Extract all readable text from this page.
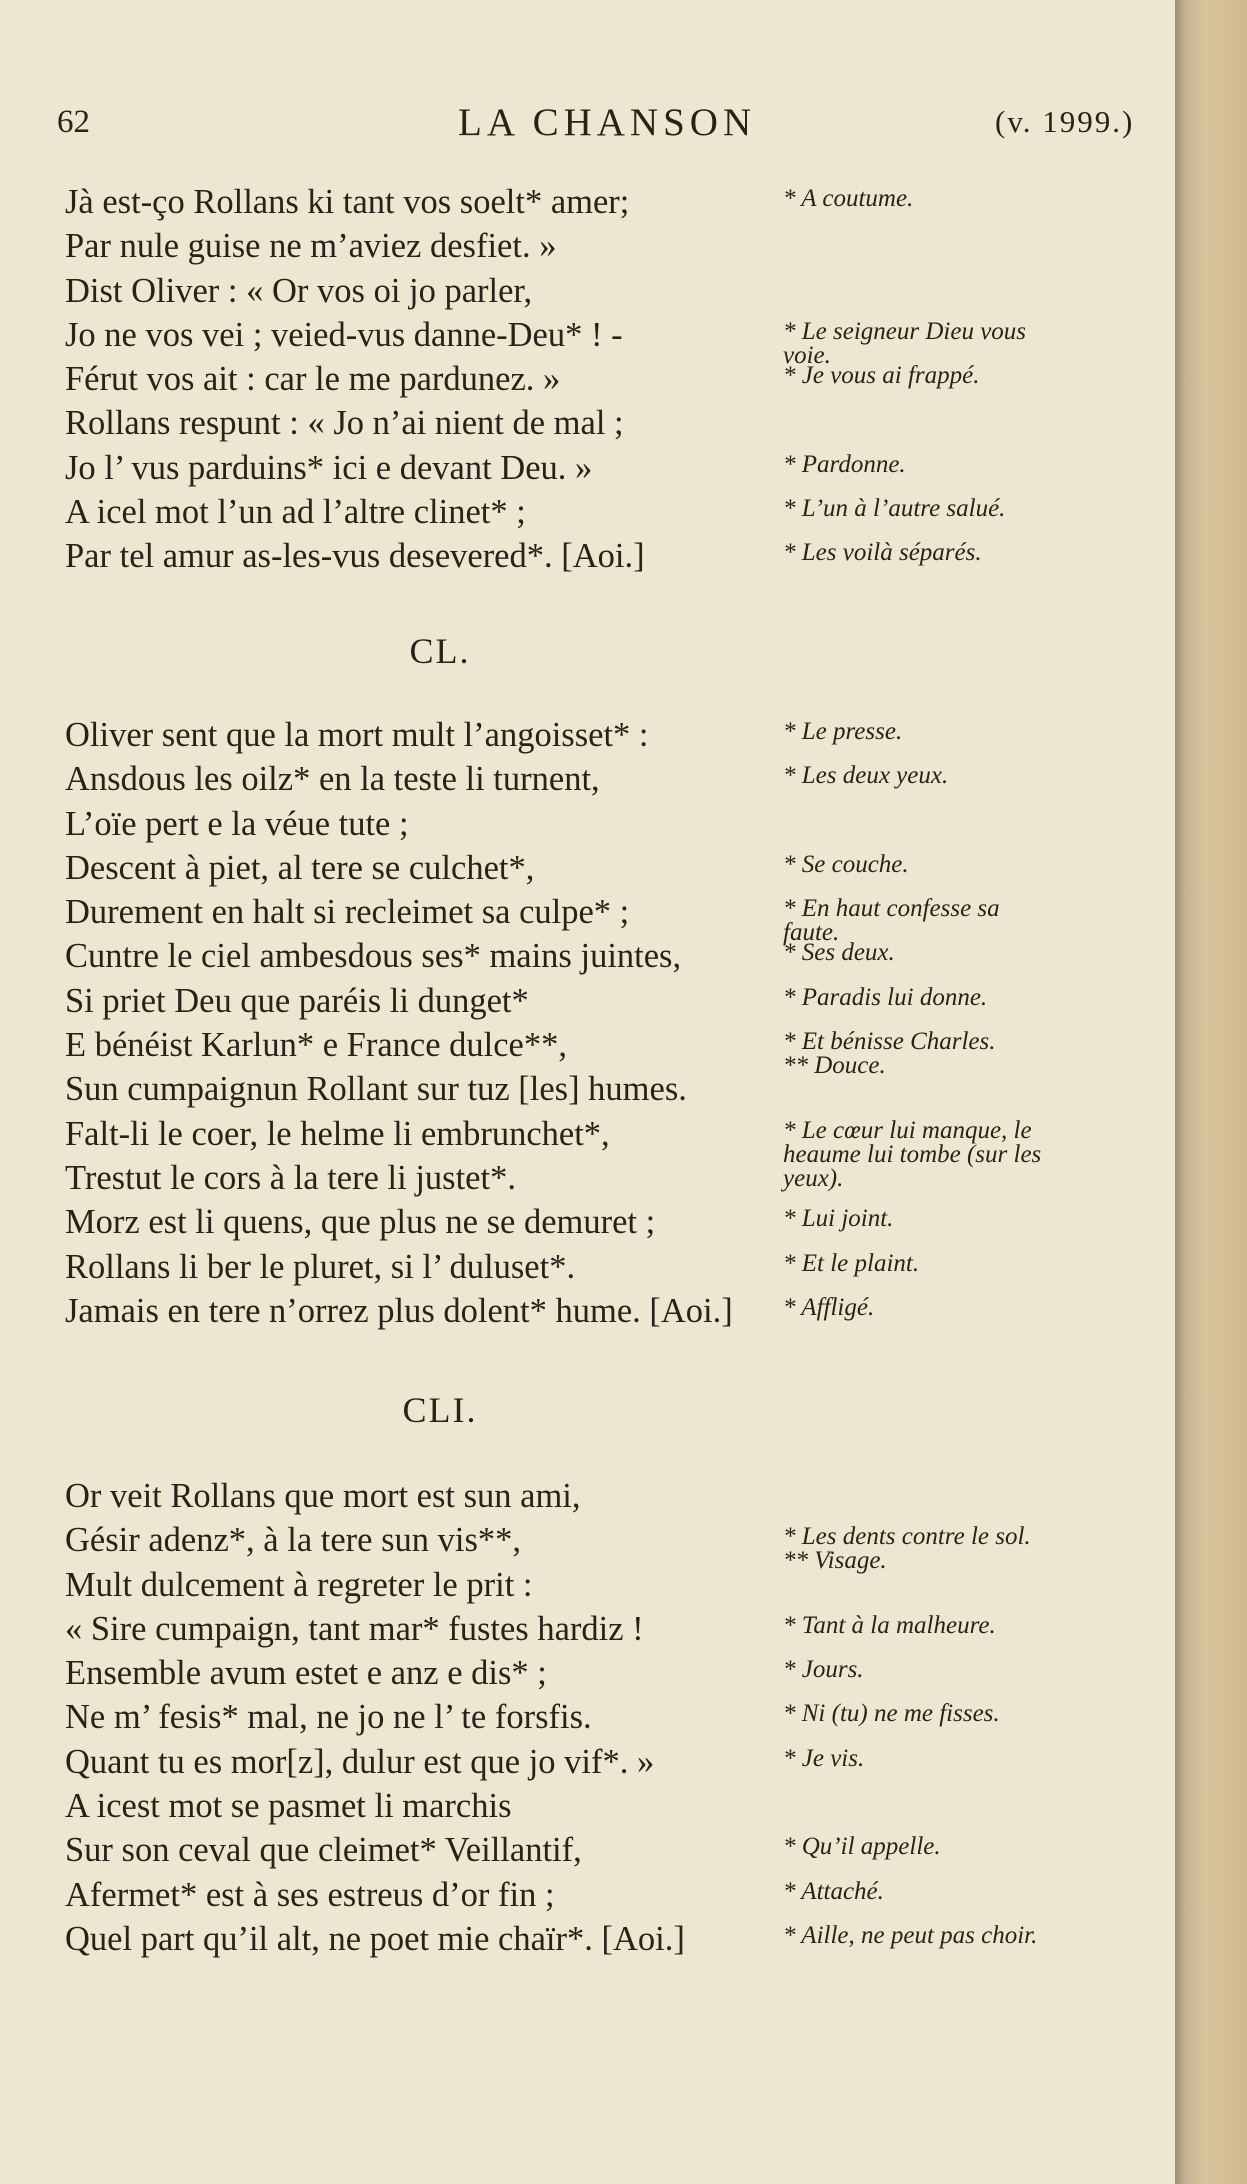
62	LA CHANSON	(v. 1999.)
Jà est-ço Rollans ki tant vos soelt* amer;	* A coutume.
Par nule guise ne m’aviez desfiet. »
Dist Oliver : « Or vos oi jo parler,
Jo ne vos vei ; veied-vus danne-Deu* ! -	* Le seigneur Dieu vous
voie.
Férut vos ait : car le me pardunez. »	* Je vous ai frappé.
Rollans respunt : « Jo n’ai nient de mal ;
Jo l’ vus parduins* ici e devant Deu. »	* Pardonne.
A icel mot l’un ad l’altre clinet* ;	* L’un à l’autre salué.
Par tel amur as-les-vus desevered*. [Aoi.]	* Les voilà séparés.
CL.
Oliver sent que la mort mult l’angoisset* :	* Le presse.
Ansdous les oilz* en la teste li turnent,	* Les deux yeux.
L’oïe pert e la véue tute ;
Descent à piet, al tere se culchet*,	* Se couche.
Durement en halt si recleimet sa culpe* ;	* En haut confesse sa
faute.
Cuntre le ciel ambesdous ses* mains juintes,	* Ses deux.
Si priet Deu que paréis li dunget*	* Paradis lui donne.
E bénéist Karlun* e France dulce**,	* Et bénisse Charles.
** Douce.
Sun cumpaignun Rollant sur tuz [les] humes.
Falt-li le coer, le helme li embrunchet*,	* Le cœur lui manque, le
heaume lui tombe (sur les
yeux).
Trestut le cors à la tere li justet*.
Morz est li quens, que plus ne se demuret ;	* Lui joint.
Rollans li ber le pluret, si l’ duluset*.	* Et le plaint.
Jamais en tere n’orrez plus dolent* hume. [Aoi.] * Affligé.
CLI.
Or veit Rollans que mort est sun ami,
Gésir adenz*, à la tere sun vis**,	* Les dents contre le sol.
** Visage.
Mult dulcement à regreter le prit :
« Sire cumpaign, tant mar* fustes hardiz !	* Tant à la malheure.
Ensemble avum estet e anz e dis* ;	* Jours.
Ne m’ fesis* mal, ne jo ne l’ te forsfis.	* Ni (tu) ne me fisses.
Quant tu es mor[z], dulur est que jo vif*. »	* Je vis.
A icest mot se pasmet li marchis
Sur son ceval que cleimet* Veillantif,	* Qu’il appelle.
Afermet* est à ses estreus d’or fin ;	* Attaché.
Quel part qu’il alt, ne poet mie chaïr*. [Aoi.]	* Aille, ne peut pas choir.
